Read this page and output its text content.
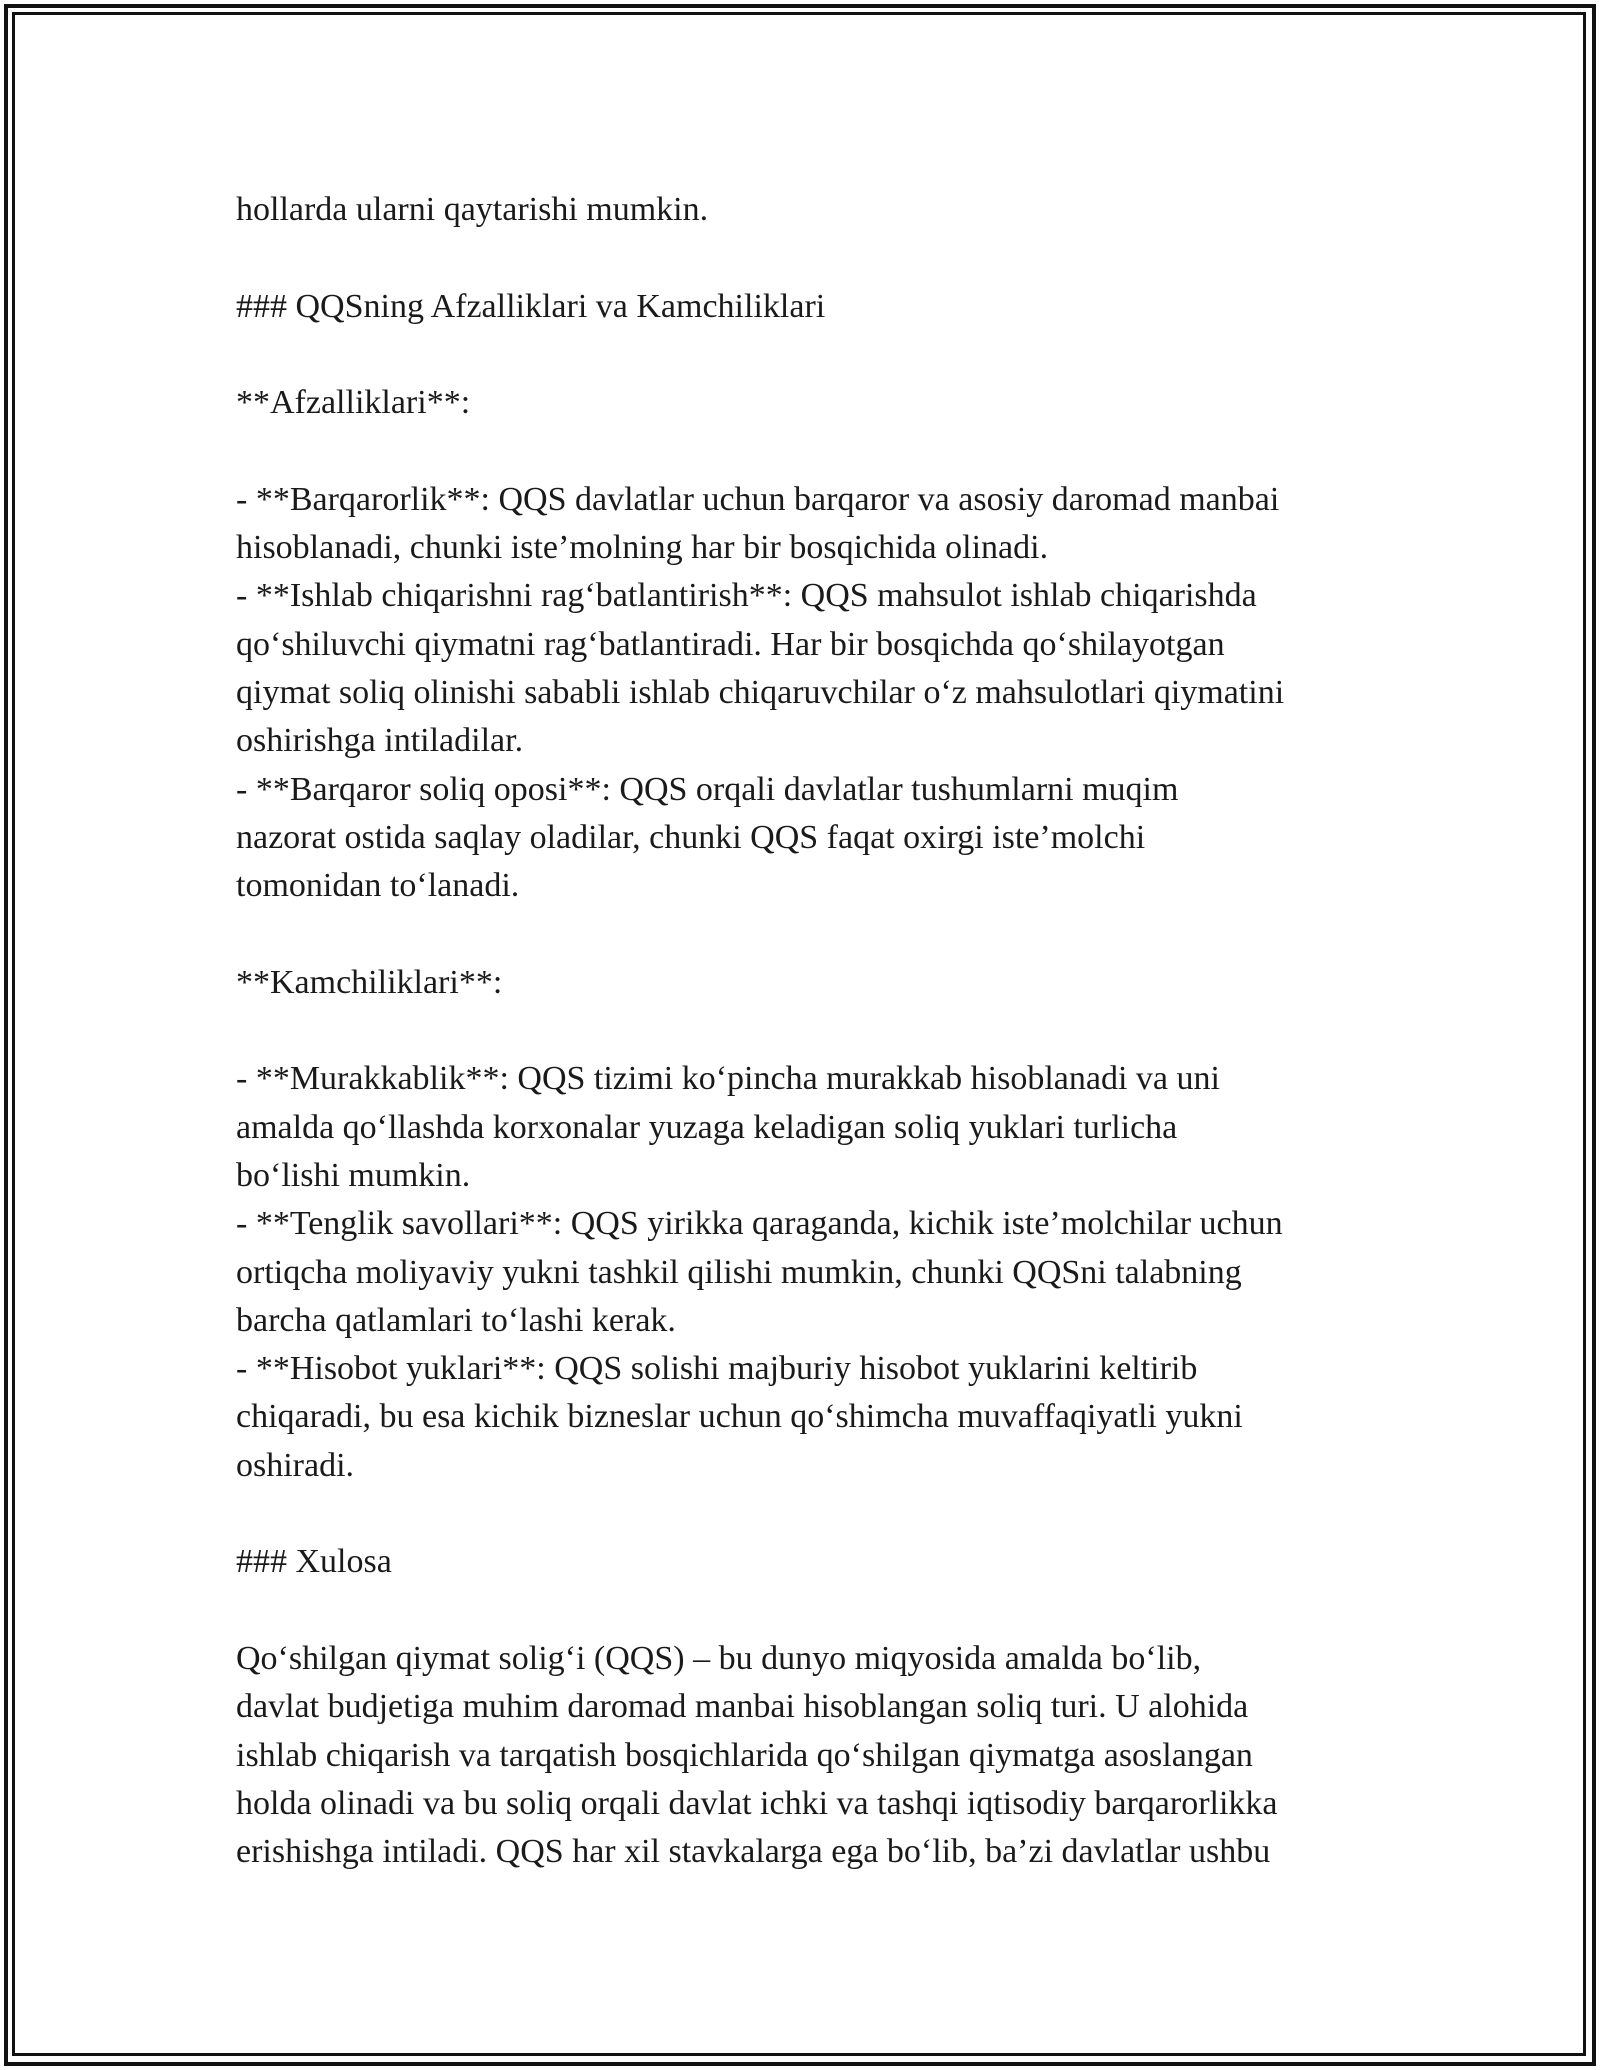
hollarda ularni qaytarishi mumkin.
### QQSning Afzalliklari va Kamchiliklari
**Afzalliklari**:
- **Barqarorlik**: QQS davlatlar uchun barqaror va asosiy daromad manbai
hisoblanadi, chunki iste’molning har bir bosqichida olinadi.
- **Ishlab chiqarishni rag‘batlantirish**: QQS mahsulot ishlab chiqarishda
qo‘shiluvchi qiymatni rag‘batlantiradi. Har bir bosqichda qo‘shilayotgan
qiymat soliq olinishi sababli ishlab chiqaruvchilar o‘z mahsulotlari qiymatini
oshirishga intiladilar.
- **Barqaror soliq oposi**: QQS orqali davlatlar tushumlarni muqim
nazorat ostida saqlay oladilar, chunki QQS faqat oxirgi iste’molchi
tomonidan to‘lanadi.
**Kamchiliklari**:
- **Murakkablik**: QQS tizimi ko‘pincha murakkab hisoblanadi va uni
amalda qo‘llashda korxonalar yuzaga keladigan soliq yuklari turlicha
bo‘lishi mumkin.
- **Tenglik savollari**: QQS yirikka qaraganda, kichik iste’molchilar uchun
ortiqcha moliyaviy yukni tashkil qilishi mumkin, chunki QQSni talabning
barcha qatlamlari to‘lashi kerak.
- **Hisobot yuklari**: QQS solishi majburiy hisobot yuklarini keltirib
chiqaradi, bu esa kichik bizneslar uchun qo‘shimcha muvaffaqiyatli yukni
oshiradi.
### Xulosa
Qo‘shilgan qiymat solig‘i (QQS) – bu dunyo miqyosida amalda bo‘lib,
davlat budjetiga muhim daromad manbai hisoblangan soliq turi. U alohida
ishlab chiqarish va tarqatish bosqichlarida qo‘shilgan qiymatga asoslangan
holda olinadi va bu soliq orqali davlat ichki va tashqi iqtisodiy barqarorlikka
erishishga intiladi. QQS har xil stavkalarga ega bo‘lib, ba’zi davlatlar ushbu
